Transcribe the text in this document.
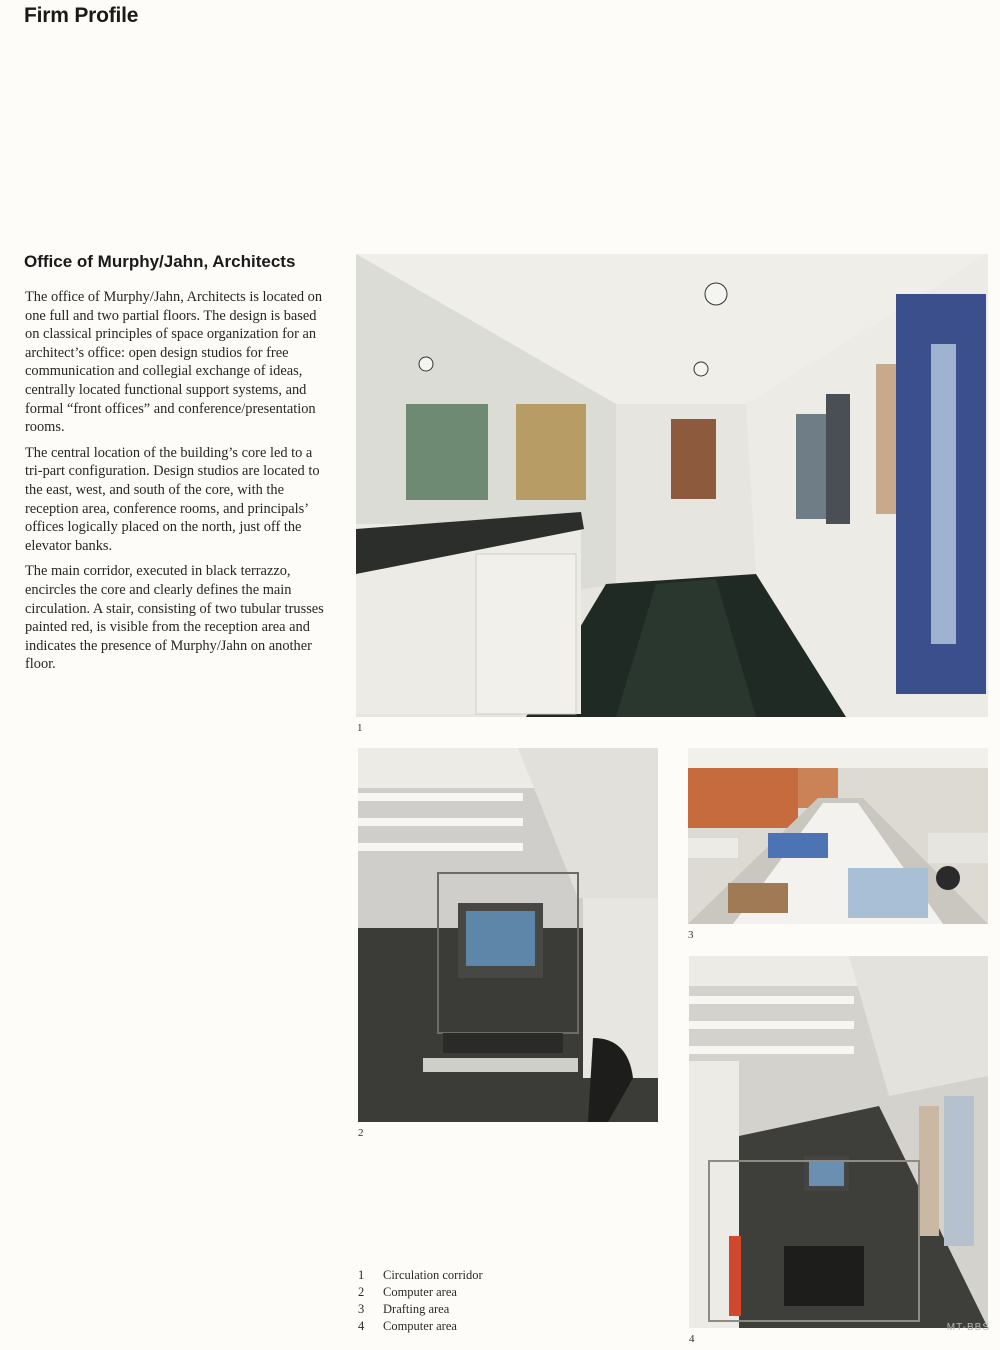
Firm Profile
Office of Murphy/Jahn, Architects

The office of Murphy/Jahn, Architects is located on one full and two partial floors. The design is based on classical principles of space organization for an architect’s office: open design studios for free communication and collegial exchange of ideas, centrally located functional support systems, and formal “front offices” and conference/presentation rooms.

The central location of the building’s core led to a tri-part configuration. Design studios are located to the east, west, and south of the core, with the reception area, conference rooms, and principals’ offices logically placed on the north, just off the elevator banks.

The main corridor, executed in black terrazzo, encircles the core and clearly defines the main circulation. A stair, consisting of two tubular trusses painted red, is visible from the reception area and indicates the presence of Murphy/Jahn on another floor.

1
2
3
4
1	Circulation corridor
2	Computer area
3	Drafting area
4	Computer area	MT-BBS
